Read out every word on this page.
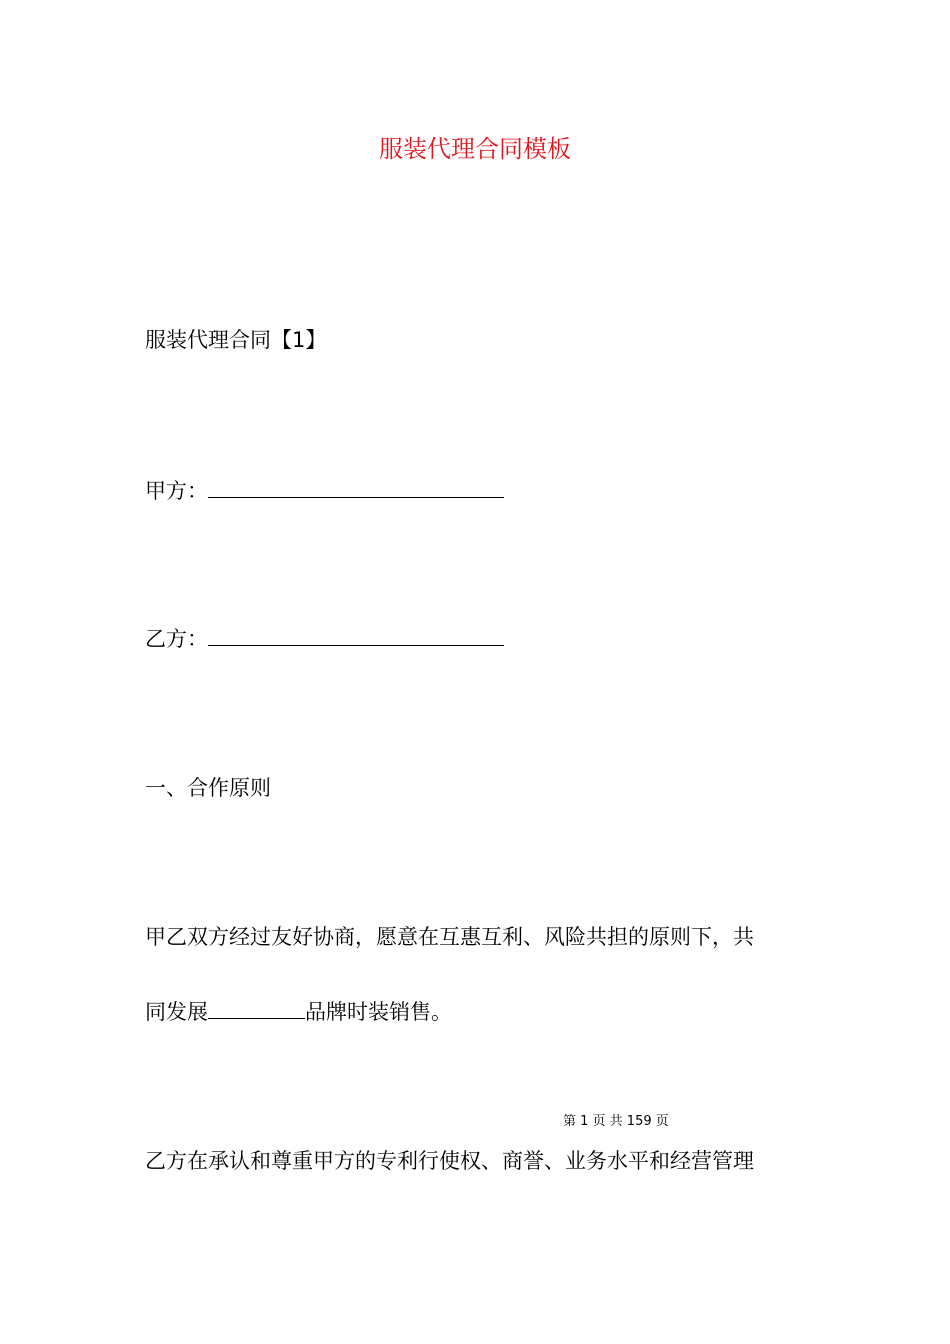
服装代理合同模板
服装代理合同【1】
甲方：
乙方：
一、合作原则
甲乙双方经过友好协商，愿意在互惠互利、风险共担的原则下，共
同发展	品牌时装销售。
第 1 页 共 159 页
乙方在承认和尊重甲方的专利行使权、商誉、业务水平和经营管理
